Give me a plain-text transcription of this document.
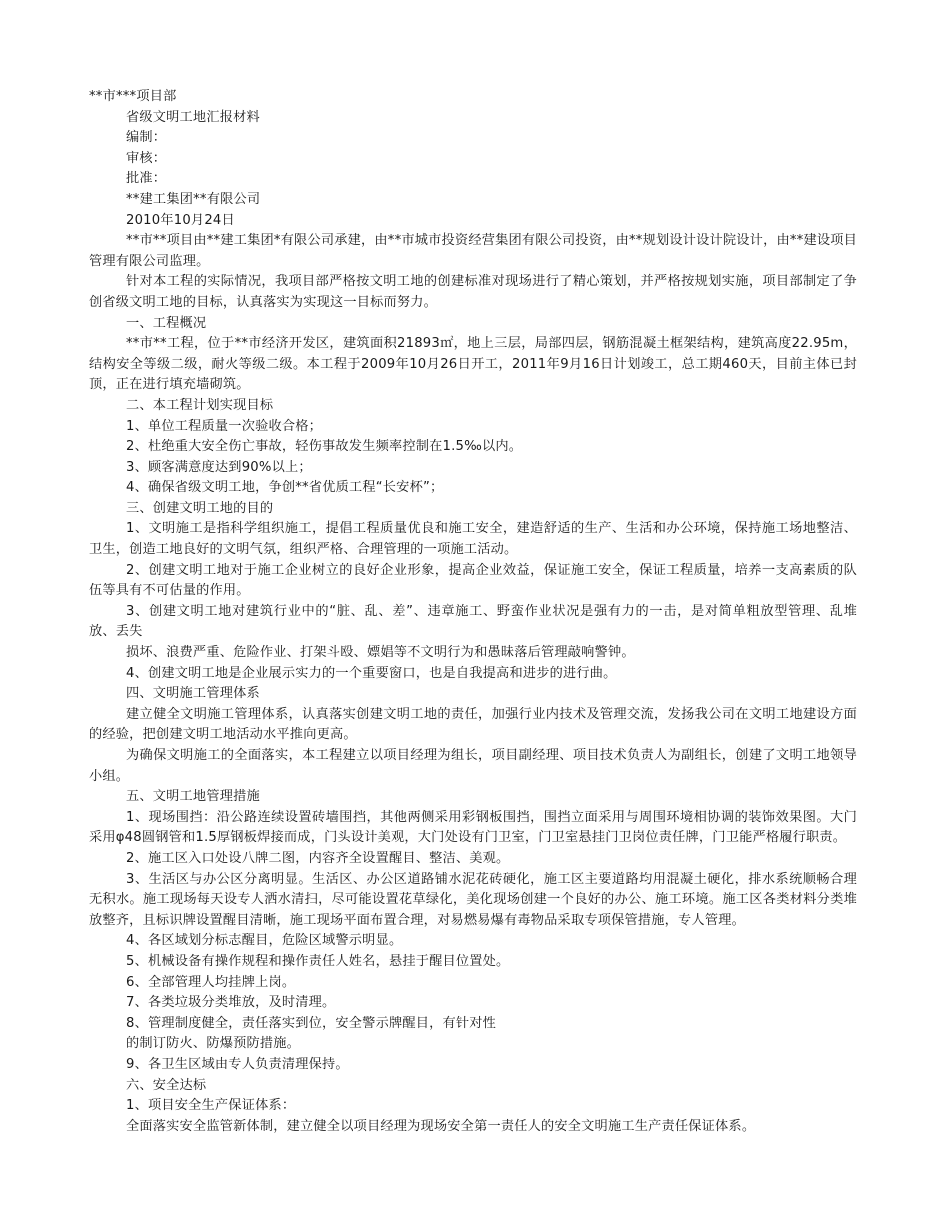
**市***项目部
省级文明工地汇报材料
编制：
审核：
批准：
**建工集团**有限公司
2010年10月24日
**市**项目由**建工集团*有限公司承建，由**市城市投资经营集团有限公司投资，由**规划设计设计院设计，由**建设项目管理有限公司监理。
针对本工程的实际情况，我项目部严格按文明工地的创建标准对现场进行了精心策划，并严格按规划实施，项目部制定了争创省级文明工地的目标，认真落实为实现这一目标而努力。
一、工程概况
**市**工程，位于**市经济开发区，建筑面积21893㎡，地上三层，局部四层，钢筋混凝土框架结构，建筑高度22.95m，结构安全等级二级，耐火等级二级。本工程于2009年10月26日开工，2011年9月16日计划竣工，总工期460天，目前主体已封顶，正在进行填充墙砌筑。
二、本工程计划实现目标
1、单位工程质量一次验收合格；
2、杜绝重大安全伤亡事故，轻伤事故发生频率控制在1.5‰以内。
3、顾客满意度达到90%以上；
4、确保省级文明工地，争创**省优质工程“长安杯”；
三、创建文明工地的目的
1、文明施工是指科学组织施工，提倡工程质量优良和施工安全，建造舒适的生产、生活和办公环境，保持施工场地整洁、卫生，创造工地良好的文明气氛，组织严格、合理管理的一项施工活动。
2、创建文明工地对于施工企业树立的良好企业形象，提高企业效益，保证施工安全，保证工程质量，培养一支高素质的队伍等具有不可估量的作用。
3、创建文明工地对建筑行业中的“脏、乱、差”、违章施工、野蛮作业状况是强有力的一击，是对简单粗放型管理、乱堆放、丢失
损坏、浪费严重、危险作业、打架斗殴、嫖娼等不文明行为和愚昧落后管理敲响警钟。
4、创建文明工地是企业展示实力的一个重要窗口，也是自我提高和进步的进行曲。
四、文明施工管理体系
建立健全文明施工管理体系，认真落实创建文明工地的责任，加强行业内技术及管理交流，发扬我公司在文明工地建设方面的经验，把创建文明工地活动水平推向更高。
为确保文明施工的全面落实，本工程建立以项目经理为组长，项目副经理、项目技术负责人为副组长，创建了文明工地领导小组。
五、文明工地管理措施
1、现场围挡：沿公路连续设置砖墙围挡，其他两侧采用彩钢板围挡，围挡立面采用与周围环境相协调的装饰效果图。大门采用φ48圆钢管和1.5厚钢板焊接而成，门头设计美观，大门处设有门卫室，门卫室悬挂门卫岗位责任牌，门卫能严格履行职责。
2、施工区入口处设八牌二图，内容齐全设置醒目、整洁、美观。
3、生活区与办公区分离明显。生活区、办公区道路铺水泥花砖硬化，施工区主要道路均用混凝土硬化，排水系统顺畅合理无积水。施工现场每天设专人洒水清扫，尽可能设置花草绿化，美化现场创建一个良好的办公、施工环境。施工区各类材料分类堆放整齐，且标识牌设置醒目清晰，施工现场平面布置合理，对易燃易爆有毒物品采取专项保管措施，专人管理。
4、各区域划分标志醒目，危险区域警示明显。
5、机械设备有操作规程和操作责任人姓名，悬挂于醒目位置处。
6、全部管理人均挂牌上岗。
7、各类垃圾分类堆放，及时清理。
8、管理制度健全，责任落实到位，安全警示牌醒目，有针对性
的制订防火、防爆预防措施。
9、各卫生区域由专人负责清理保持。
六、安全达标
1、项目安全生产保证体系：
全面落实安全监管新体制，建立健全以项目经理为现场安全第一责任人的安全文明施工生产责任保证体系。
